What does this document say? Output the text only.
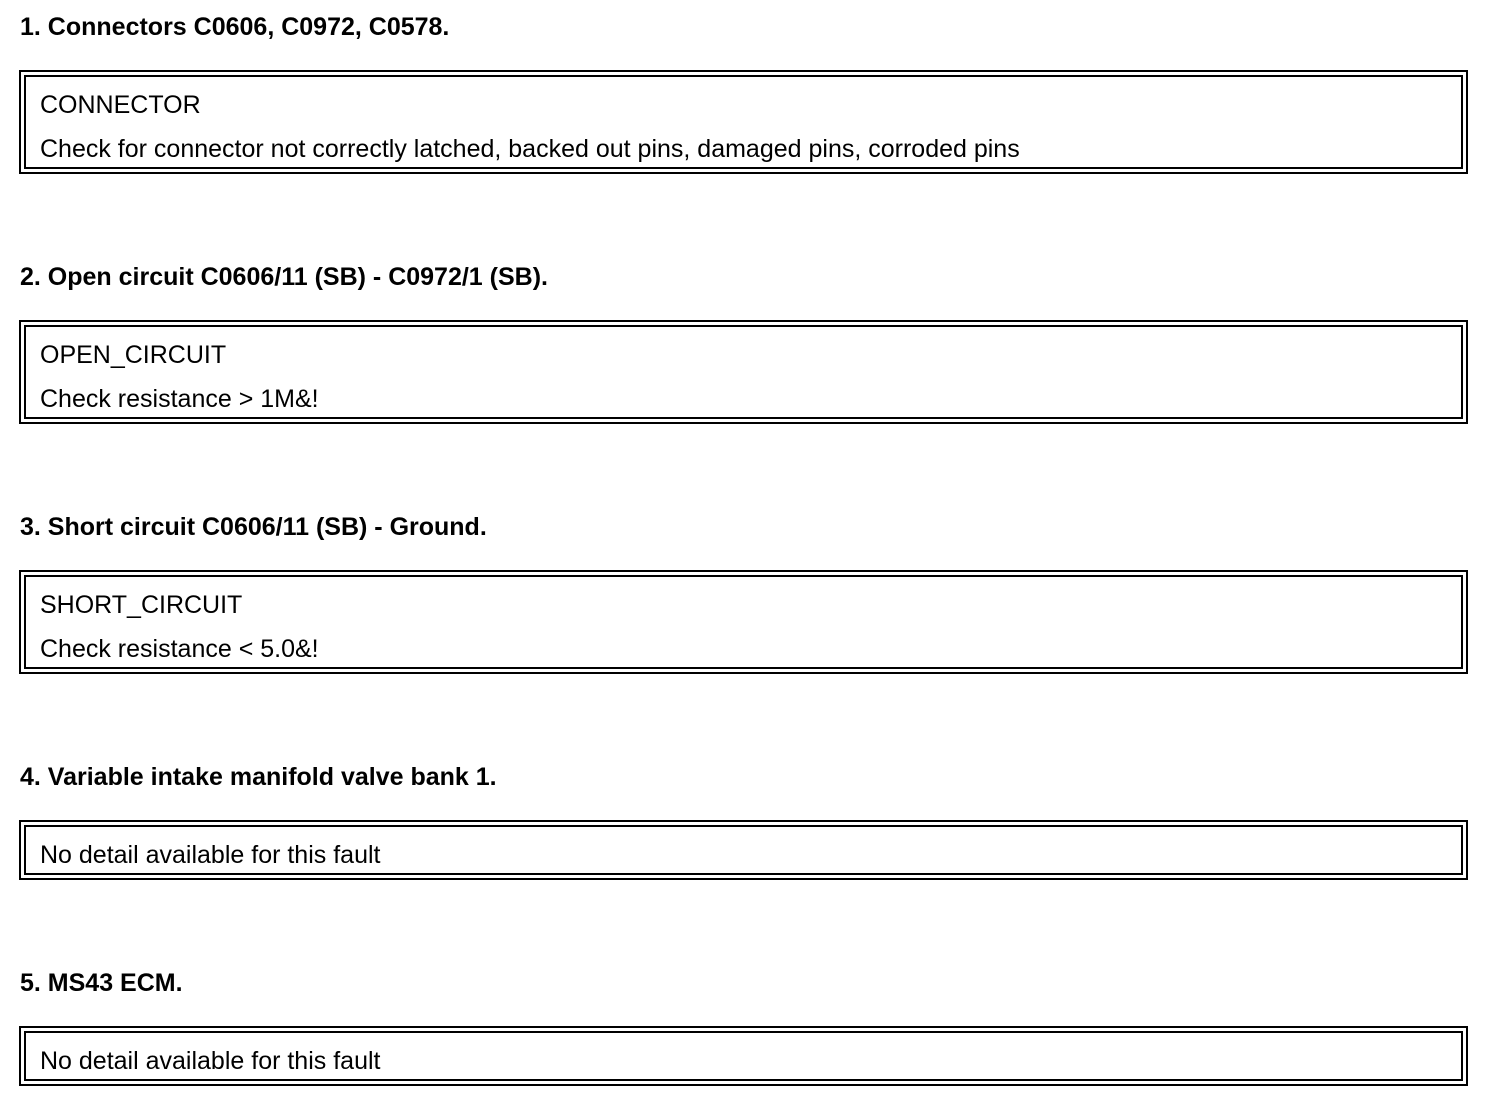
1. Connectors C0606, C0972, C0578.
CONNECTOR
Check for connector not correctly latched, backed out pins, damaged pins, corroded pins
2. Open circuit C0606/11 (SB) - C0972/1 (SB).
OPEN_CIRCUIT
Check resistance > 1M&!
3. Short circuit C0606/11 (SB) - Ground.
SHORT_CIRCUIT
Check resistance < 5.0&!
4. Variable intake manifold valve bank 1.
No detail available for this fault
5. MS43 ECM.
No detail available for this fault
